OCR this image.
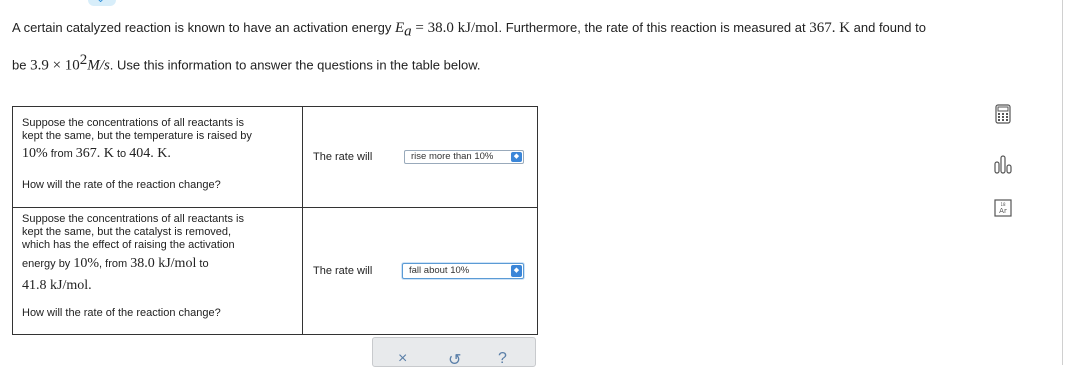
A certain catalyzed reaction is known to have an activation energy $E_a = 38.0$ kJ/mol. Furthermore, the rate of this reaction is measured at 367. K and found to
be $3.9 \times 10^2M/s$. Use this information to answer the questions in the table below.
Suppose the concentrations of all reactants is
kept the same, but the temperature is raised by
10% from 367. K to 404. K.
How will the rate of the reaction change?
The rate will	rise more than 10%	◆
Suppose the concentrations of all reactants is
kept the same, but the catalyst is removed,
which has the effect of raising the activation
energy by 10%, from 38.0 kJ/mol to
41.8 kJ/mol.
How will the rate of the reaction change?
The rate will	fall about 10%	◆
18
Ar
×	↺ ?
